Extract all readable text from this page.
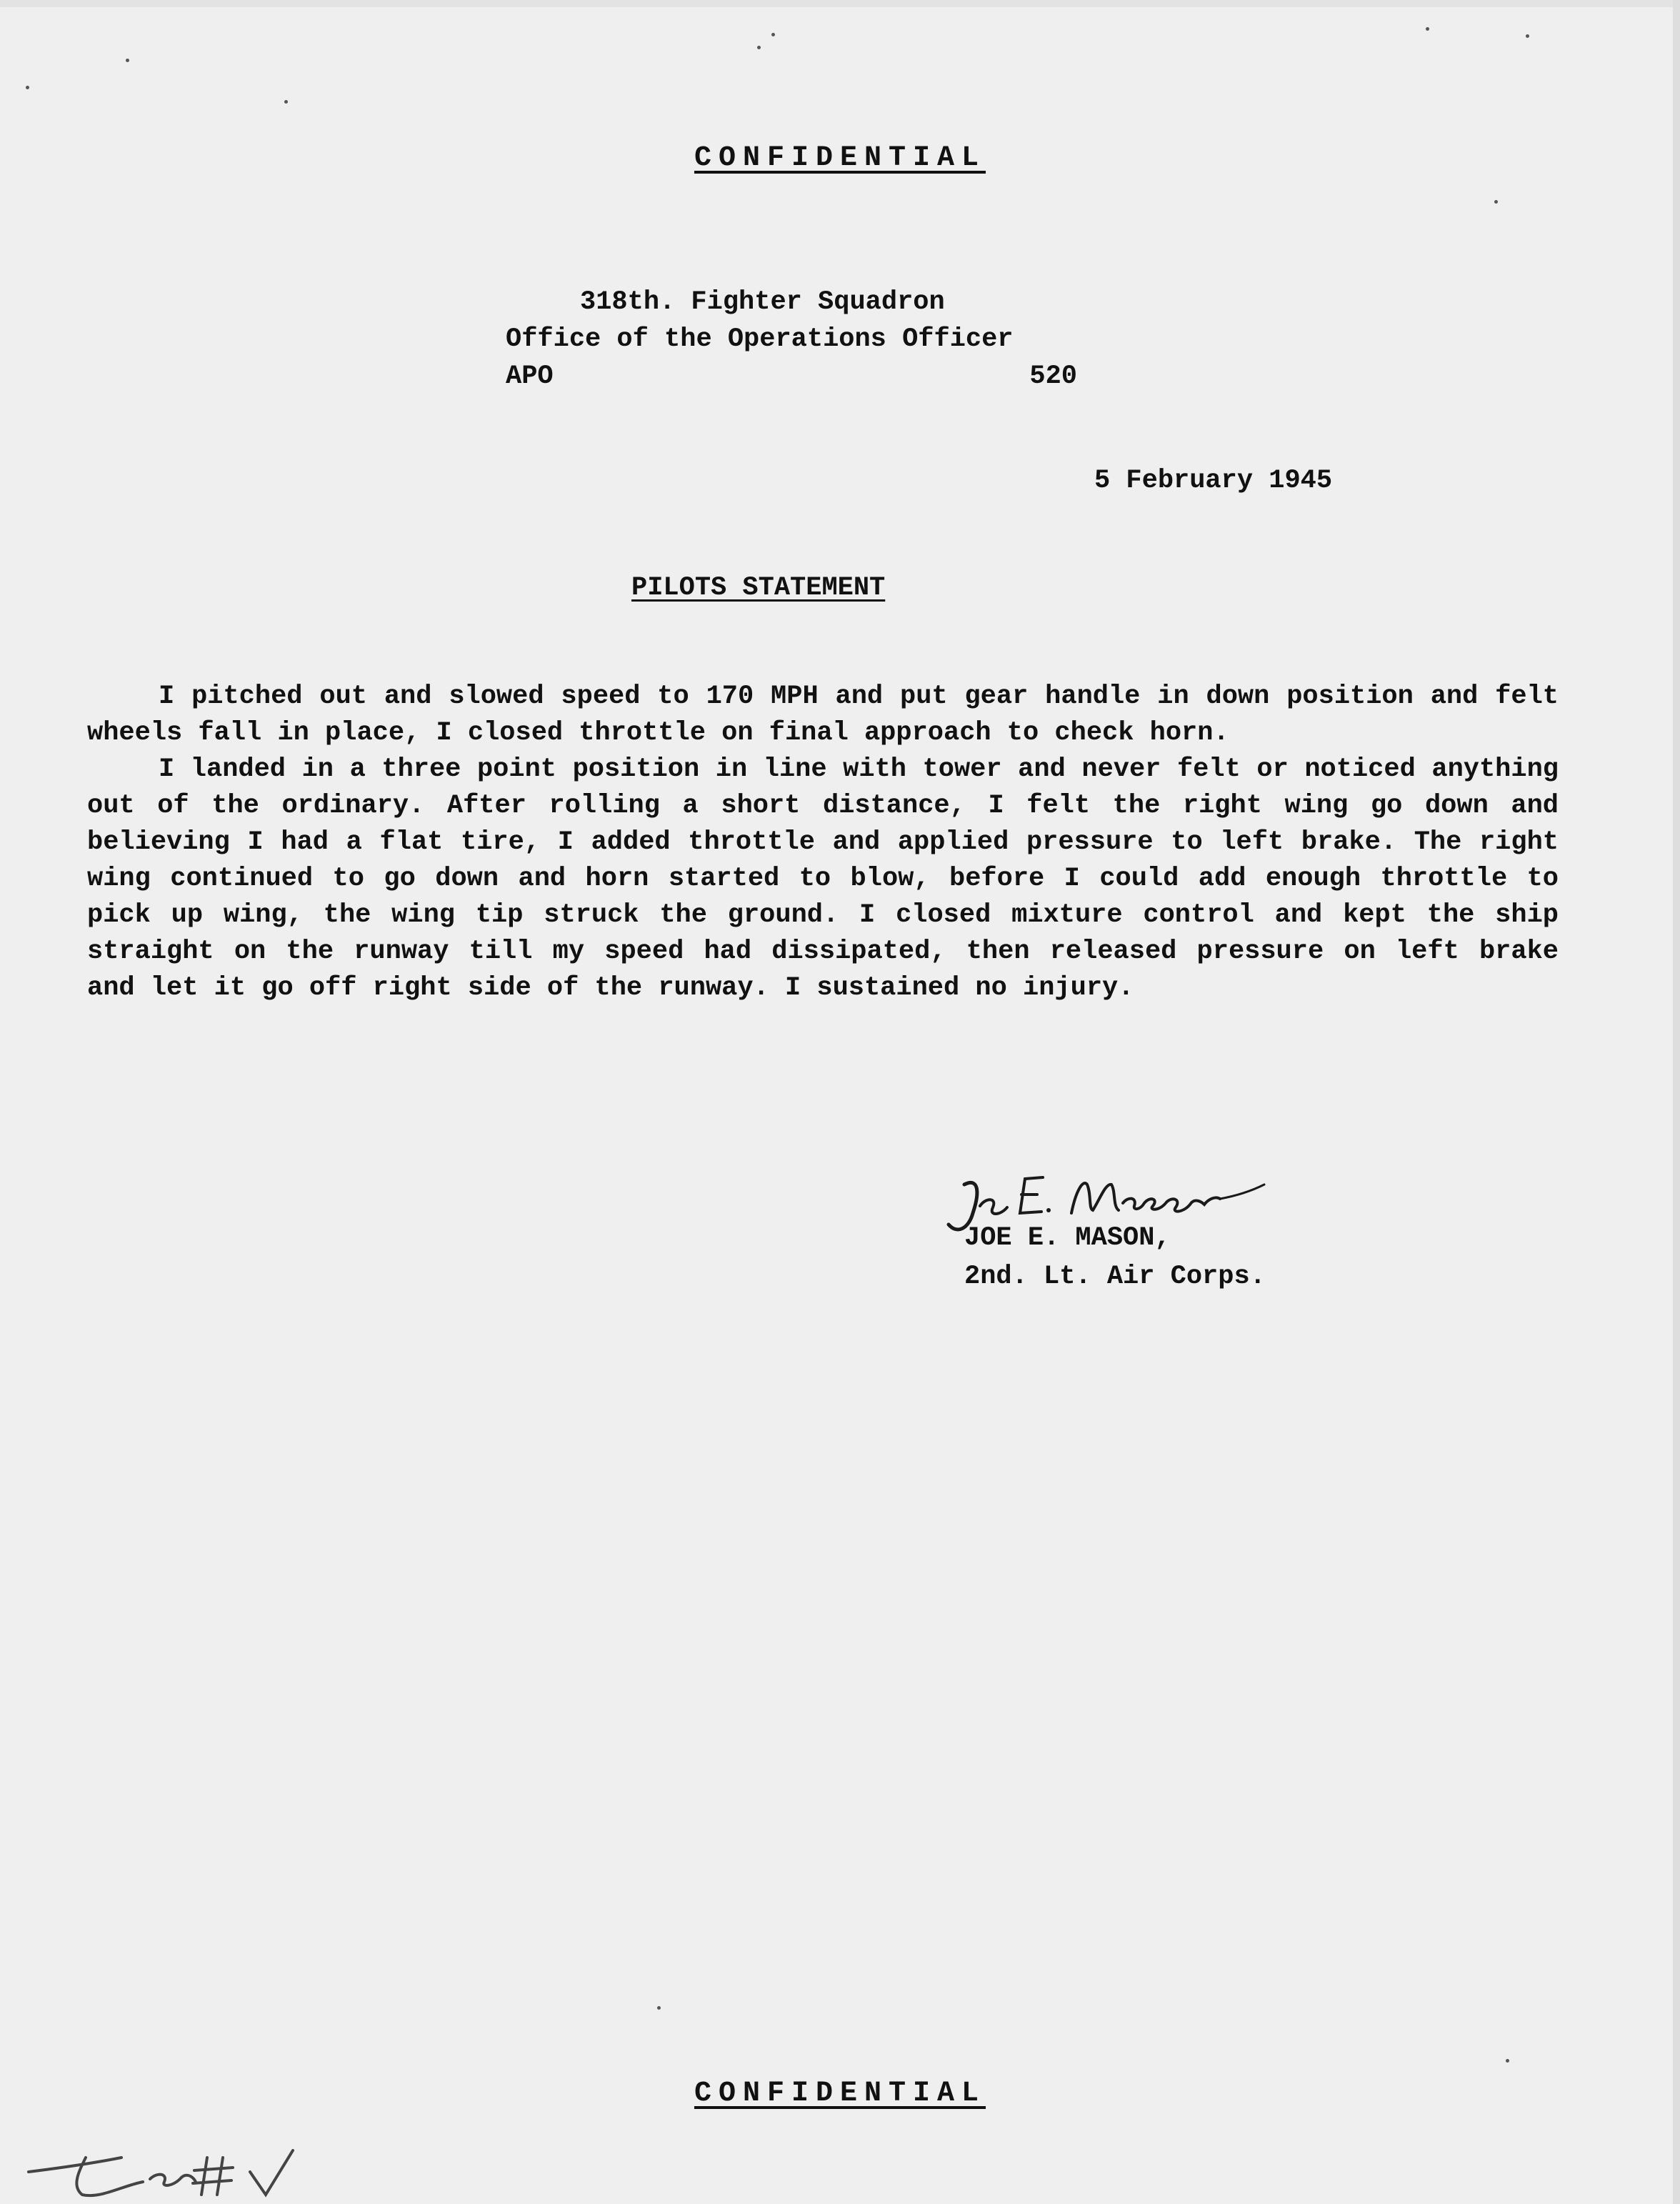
CONFIDENTIAL
318th. Fighter Squadron
Office of the Operations Officer
APO	520
5 February 1945
PILOTS STATEMENT

I pitched out and slowed speed to 170 MPH and put gear handle in down position and felt wheels fall in place, I closed throttle on final approach to check horn.

I landed in a three point position in line with tower and never felt or noticed anything out of the ordinary. After rolling a short distance, I felt the right wing go down and believing I had a flat tire, I added throttle and applied pressure to left brake. The right wing continued to go down and horn started to blow, before I could add enough throttle to pick up wing, the wing tip struck the ground. I closed mixture control and kept the ship straight on the runway till my speed had dissipated, then released pressure on left brake and let it go off right side of the runway. I sustained no injury.

JOE E. MASON,
2nd. Lt. Air Corps.
CONFIDENTIAL
